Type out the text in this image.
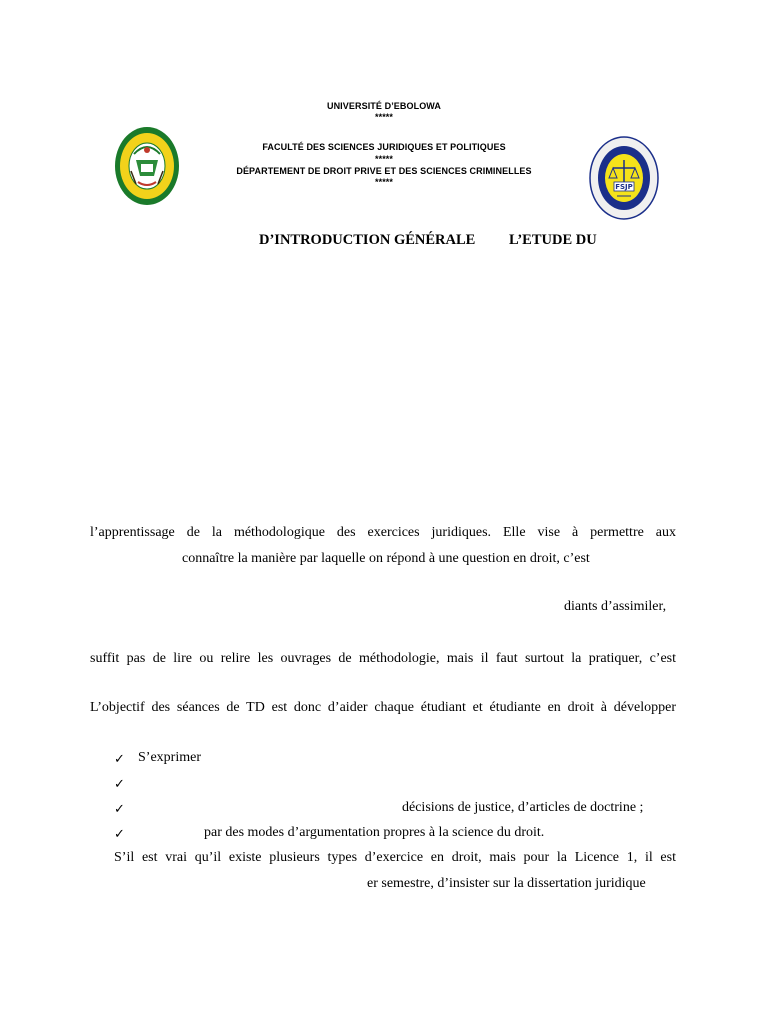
UNIVERSITÉ D’EBOLOWA
*****
FACULTÉ DES SCIENCES JURIDIQUES ET POLITIQUES
*****
DÉPARTEMENT DE DROIT PRIVE ET DES SCIENCES CRIMINELLES
*****	FSJP
D’INTRODUCTION GÉNÉRALE L’ETUDE DU
l’apprentissage de la méthodologique des exercices juridiques. Elle vise à permettre aux
connaître la manière par laquelle on répond à une question en droit, c’est
diants d’assimiler,
suffit pas de lire ou relire les ouvrages de méthodologie, mais il faut surtout la pratiquer, c’est
L’objectif des séances de TD est donc d’aider chaque étudiant et étudiante en droit à développer
✓ S’exprimer
✓
✓	décisions de justice, d’articles de doctrine ;
✓	par des modes d’argumentation propres à la science du droit.
S’il est vrai qu’il existe plusieurs types d’exercice en droit, mais pour la Licence 1, il est
er semestre, d’insister sur la dissertation juridique
